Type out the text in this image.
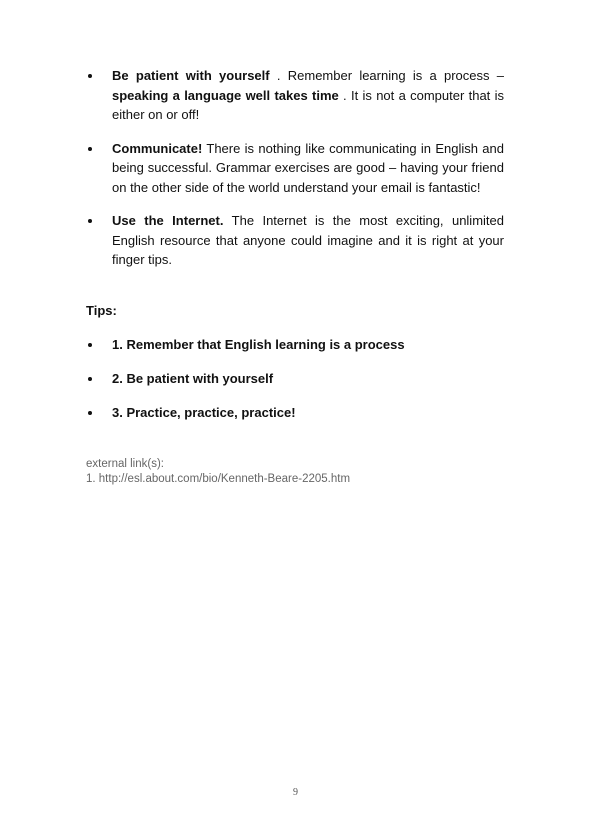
Be patient with yourself . Remember learning is a process – speaking a language well takes time . It is not a computer that is either on or off!
Communicate! There is nothing like communicating in English and being successful. Grammar exercises are good – having your friend on the other side of the world understand your email is fantastic!
Use the Internet. The Internet is the most exciting, unlimited English resource that anyone could imagine and it is right at your finger tips.

Tips:

1. Remember that English learning is a process
2. Be patient with yourself
3. Practice, practice, practice!
external link(s):
1. http://esl.about.com/bio/Kenneth-Beare-2205.htm
9
